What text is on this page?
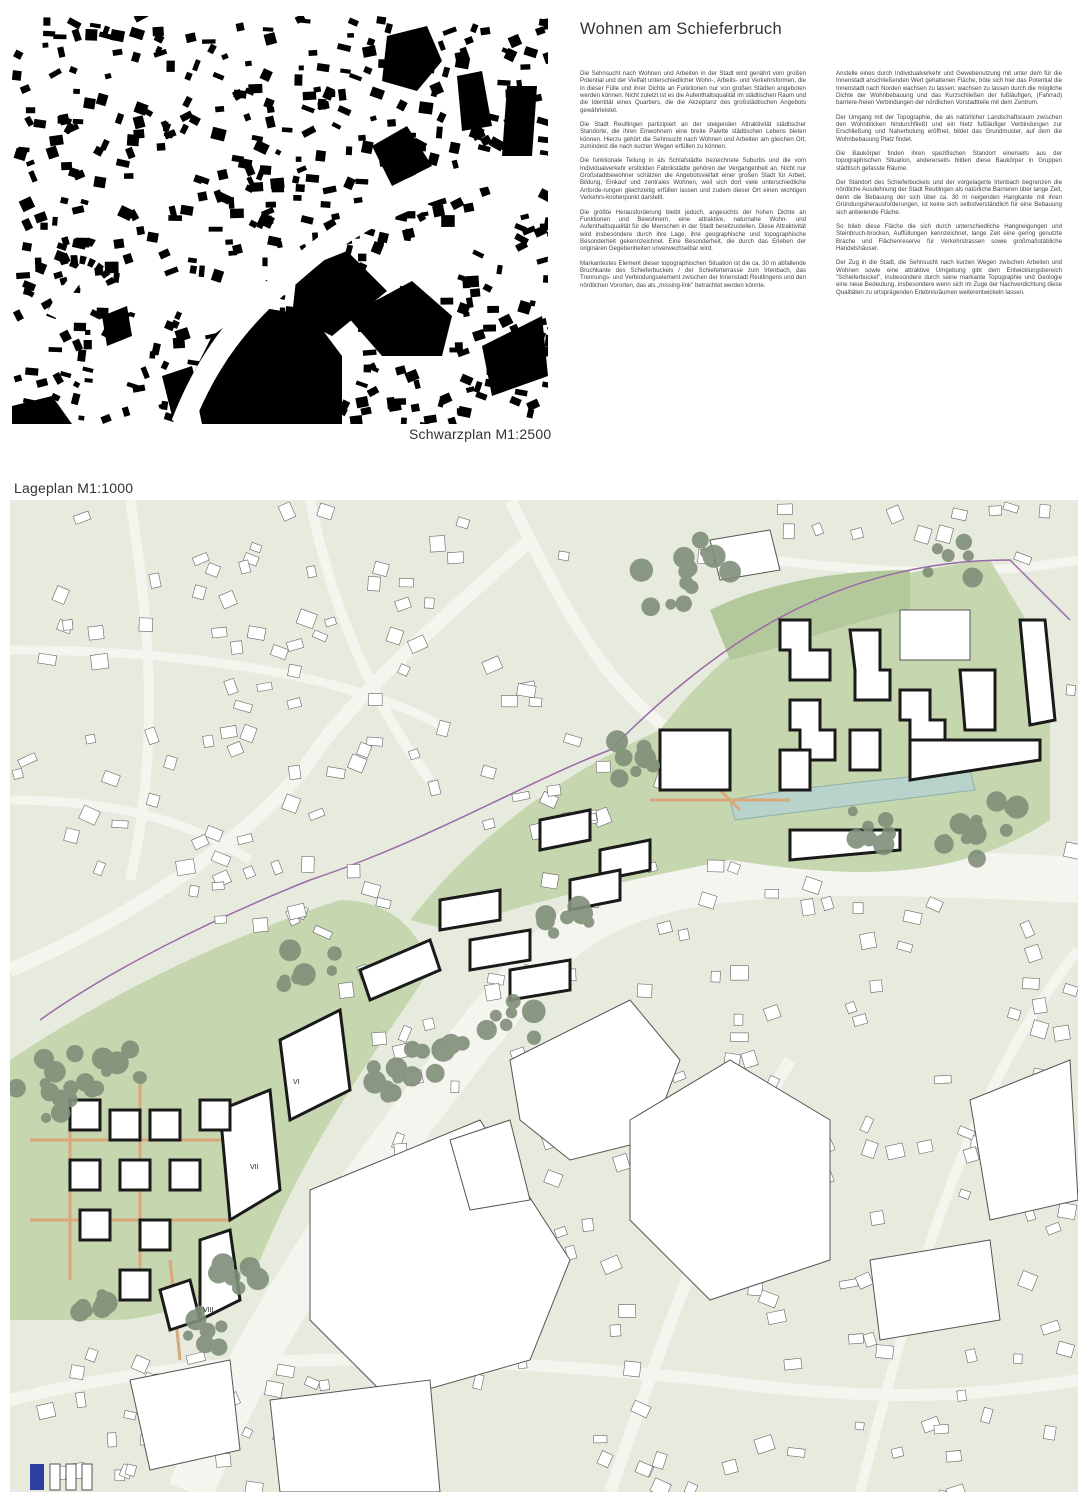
Schwarzplan M1:2500
Wohnen am Schieferbruch

Die Sehnsucht nach Wohnen und Arbeiten in der Stadt wird genährt vom großen Potential und der Vielfalt unterschiedlicher Wohn-, Arbeits- und Verkehrsformen, die in dieser Fülle und ihrer Dichte an Funktionen nur von großen Städten angeboten werden können. Nicht zuletzt ist es die Aufenthaltsqualität im städtischen Raum und die Identität eines Quartiers, die die Akzeptanz des großstädtischen Angebots gewährleistet.

Die Stadt Reutlingen partizipiert an der steigenden Attraktivität städtischer Standorte, die ihren Einwohnern eine breite Palette städtischen Lebens bieten können. Hierzu gehört die Sehnsucht nach Wohnen und Arbeiten am gleichen Ort, zumindest die nach kurzen Wegen erfüllen zu können.

Die funktionale Teilung in als Schlafstädte bezeichnete Suburbs und die vom Individualverkehr erstickten Fabrikstädte gehören der Vergangenheit an. Nicht nur Großstadtbewohner schätzen die Angebotsvielfalt einer großen Stadt für Arbeit, Bildung, Einkauf und zentrales Wohnen, weil sich dort viele unterschiedliche Anforde-rungen gleichzeitig erfüllen lassen und zudem dieser Ort einen wichtigen Verkehrs-knotenpunkt darstellt.

Die größte Herausforderung bleibt jedoch, angesichts der hohen Dichte an Funktionen und Bewohnern, eine attraktive, naturnahe Wohn- und Aufenthaltsqualität für die Menschen in der Stadt bereitzustellen. Diese Attraktivität wird insbesondere durch ihre Lage, ihre geographische und topographische Besonderheit gekennzeichnet. Eine Besonderheit, die durch das Erleben der originären Gegebenheiten unverwechselbar wird.

Markantestes Element dieser topographischen Situation ist die ca. 30 m abfallende Bruchkante des Schieferbuckels / der Schieferterrasse zum Irtenbach, das Trennungs- und Verbindungselement zwischen der Innenstadt Reutlingens und den nördlichen Vororten, das als „missing-link" betrachtet werden könnte.

Anstelle eines durch Individualverkehr und Gewebenutzung mit unter dem für die Innenstadt anschließenden Wert gehaltenen Fläche, böte sich hier das Potential die Innenstadt nach Norden wachsen zu lassen; wachsen zu lassen durch die mögliche Dichte der Wohnbebauung und das Kurzschließen der fußläufigen, (Fahrrad) barriere-freien Verbindungen der nördlichen Vorstadtteile mit dem Zentrum.

Der Umgang mit der Topographie, die als natürlicher Landschaftsraum zwischen den Wohnblicken hindurchfließt und ein Netz fußläufiger Verbindungen zur Erschließung und Naherholung eröffnet, bildet das Grundmuster, auf dem die Wohnbebauung Platz findet.

Die Baukörper finden ihren spezifischen Standort einerseits aus der topographischen Situation, andererseits bilden diese Baukörper in Gruppen städtisch gefasste Räume.

Der Standort des Schieferbuckels und der vorgelagerte Irtenbach begrenzen die nördliche Ausdehnung der Stadt Reutlingen als natürliche Barrieren über lange Zeit, denn die Bebauung der sich über ca. 30 m neigenden Hangkante mit ihren Gründungsherausforderungen, ist keine sich selbstverständlich für eine Bebauung sich anbietende Fläche.

So blieb diese Fläche die sich durch unterschiedliche Hangneigungen und Steinbruch-brocken, Auffüllungen kennzeichnet, lange Zeit eine gering genutzte Brache und Flächenreserve für Verkehrstrassen sowie großmaßstäbliche Handelshäuser.

Der Zug in die Stadt, die Sehnsucht nach kurzen Wegen zwischen Arbeiten und Wohnen sowie eine attraktive Umgebung gibt dem Entwicklungsbereich "Schieferbuckel", insbesondere durch seine markante Topographie und Geologie eine neue Bedeutung, insbesondere wenn sich im Zuge der Nachverdichtung diese Qualitäten zu ortsprägenden Erlebnisräumen weiterentwickeln lassen.

Lageplan M1:1000
VI
VII
VIII
